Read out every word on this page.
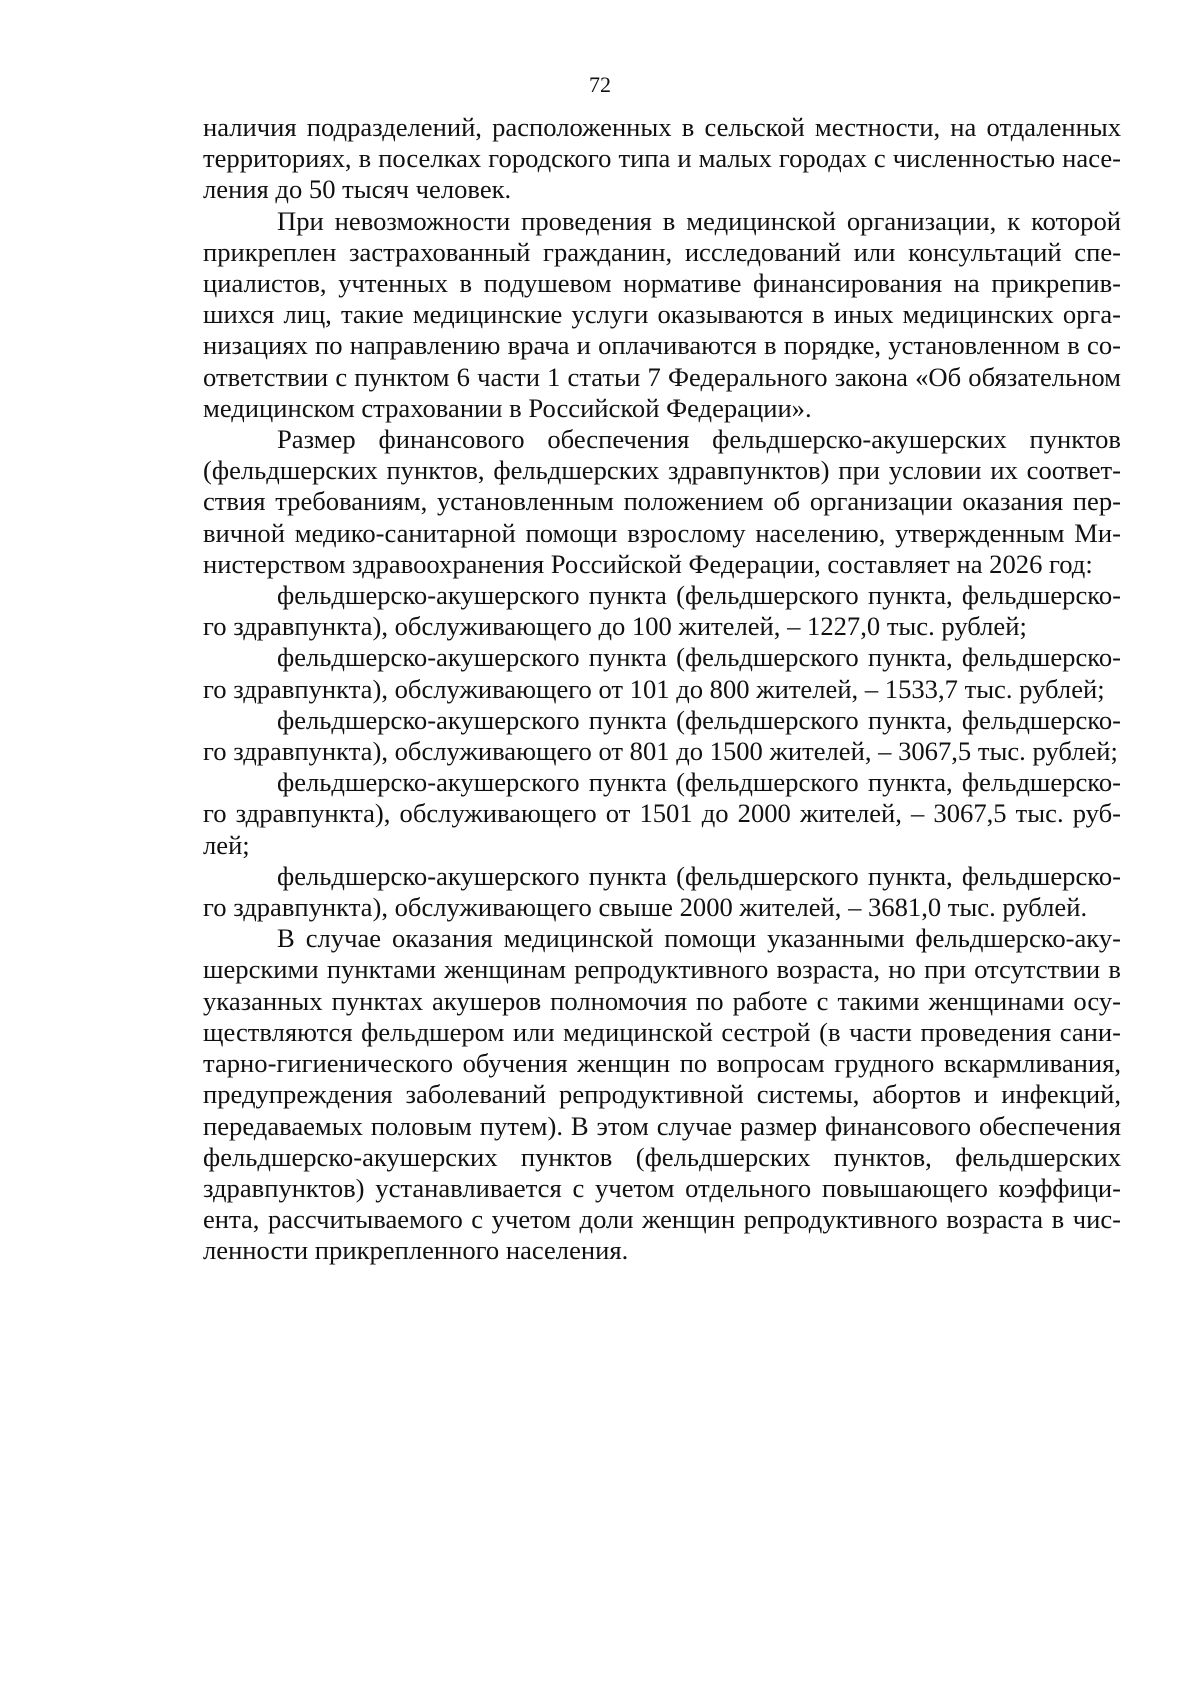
72

наличия подразделений, расположенных в сельской местности, на отдаленных территориях, в поселках городского типа и малых городах с численностью населения до 50 тысяч человек.

При невозможности проведения в медицинской организации, к которой прикреплен застрахованный гражданин, исследований или консультаций специалистов, учтенных в подушевом нормативе финансирования на прикрепившихся лиц, такие медицинские услуги оказываются в иных медицинских организациях по направлению врача и оплачиваются в порядке, установленном в соответствии с пунктом 6 части 1 статьи 7 Федерального закона «Об обязательном медицинском страховании в Российской Федерации».

Размер финансового обеспечения фельдшерско-акушерских пунктов (фельдшерских пунктов, фельдшерских здравпунктов) при условии их соответствия требованиям, установленным положением об организации оказания первичной медико-санитарной помощи взрослому населению, утвержденным Министерством здравоохранения Российской Федерации, составляет на 2026 год:

фельдшерско-акушерского пункта (фельдшерского пункта, фельдшерского здравпункта), обслуживающего до 100 жителей, – 1227,0 тыс. рублей;

фельдшерско-акушерского пункта (фельдшерского пункта, фельдшерского здравпункта), обслуживающего от 101 до 800 жителей, – 1533,7 тыс. рублей;

фельдшерско-акушерского пункта (фельдшерского пункта, фельдшерского здравпункта), обслуживающего от 801 до 1500 жителей, – 3067,5 тыс. рублей;

фельдшерско-акушерского пункта (фельдшерского пункта, фельдшерского здравпункта), обслуживающего от 1501 до 2000 жителей, – 3067,5 тыс. рублей;

фельдшерско-акушерского пункта (фельдшерского пункта, фельдшерского здравпункта), обслуживающего свыше 2000 жителей, – 3681,0 тыс. рублей.

В случае оказания медицинской помощи указанными фельдшерско-акушерскими пунктами женщинам репродуктивного возраста, но при отсутствии в указанных пунктах акушеров полномочия по работе с такими женщинами осуществляются фельдшером или медицинской сестрой (в части проведения санитарно-гигиенического обучения женщин по вопросам грудного вскармливания, предупреждения заболеваний репродуктивной системы, абортов и инфекций, передаваемых половым путем). В этом случае размер финансового обеспечения фельдшерско-акушерских пунктов (фельдшерских пунктов, фельдшерских здравпунктов) устанавливается с учетом отдельного повышающего коэффициента, рассчитываемого с учетом доли женщин репродуктивного возраста в численности прикрепленного населения.
